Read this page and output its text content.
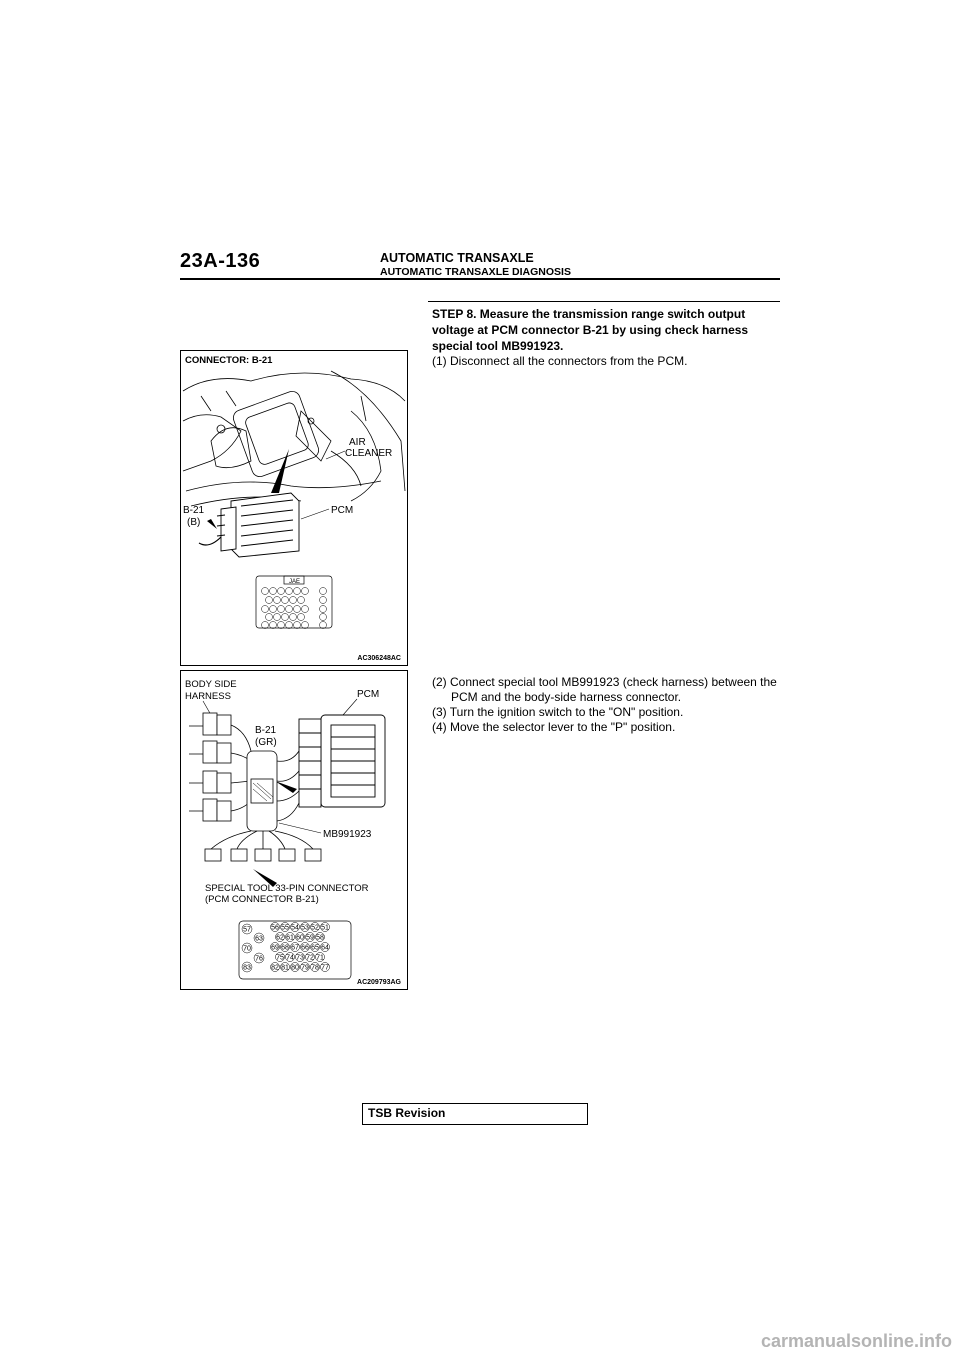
23A-136	AUTOMATIC TRANSAXLE
AUTOMATIC TRANSAXLE DIAGNOSIS
STEP 8. Measure the transmission range switch output voltage at PCM connector B-21 by using check harness special tool MB991923.
(1) Disconnect all the connectors from the PCM.

(2) Connect special tool MB991923 (check harness) between the PCM and the body-side harness connector.

(3) Turn the ignition switch to the "ON" position.

(4) Move the selector lever to the "P" position.

CONNECTOR: B-21
AIR
CLEANER
B-21
(B)
PCM
JAE
AC306248AC
BODY SIDE
HARNESS	PCM
B-21
(GR)
MB991923
SPECIAL TOOL 33-PIN CONNECTOR
(PCM CONNECTOR B-21)
57
63
70
76
83
56 55 54 53 52 51
62 61 60 59 58
69 68 67 66 65 64
75 74 73 72 71
82 81 80 79 78 77
AC209793AG
TSB Revision
carmanualsonline.info
